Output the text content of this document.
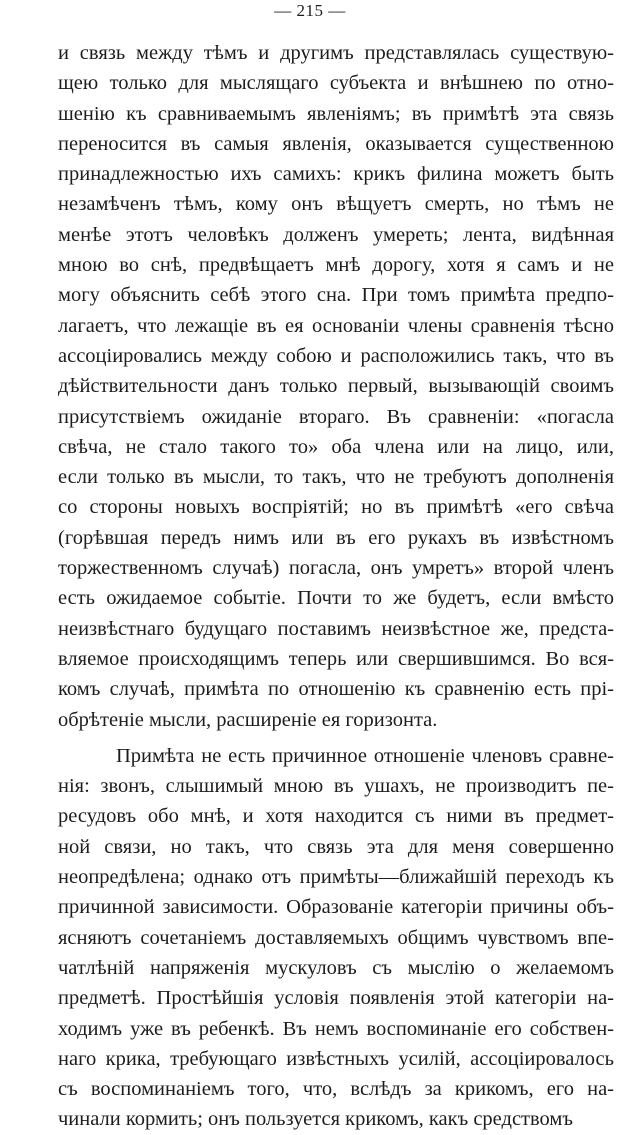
— 215 —
и связь между тѣмъ и другимъ представлялась существую-
щею только для мыслящаго субъекта и внѣшнею по отно-
шенію къ сравниваемымъ явленіямъ; въ примѣтѣ эта связь
переносится въ самыя явленія, оказывается существенною
принадлежностью ихъ самихъ: крикъ филина можетъ быть
незамѣченъ тѣмъ, кому онъ вѣщуетъ смерть, но тѣмъ не
менѣе этотъ человѣкъ долженъ умереть; лента, видѣнная
мною во снѣ, предвѣщаетъ мнѣ дорогу, хотя я самъ и не
могу объяснить себѣ этого сна. При томъ примѣта предпо-
лагаетъ, что лежащіе въ ея основаніи члены сравненія тѣсно
ассоціировались между собою и расположились такъ, что въ
дѣйствительности данъ только первый, вызывающій своимъ
присутствіемъ ожиданіе втораго. Въ сравненіи: «погасла
свѣча, не стало такого то» оба члена или на лицо, или,
если только въ мысли, то такъ, что не требуютъ дополненія
со стороны новыхъ воспріятій; но въ примѣтѣ «его свѣча
(горѣвшая передъ нимъ или въ его рукахъ въ извѣстномъ
торжественномъ случаѣ) погасла, онъ умретъ» второй членъ
есть ожидаемое событіе. Почти то же будетъ, если вмѣсто
неизвѣстнаго будущаго поставимъ неизвѣстное же, предста-
вляемое происходящимъ теперь или свершившимся. Во вся-
комъ случаѣ, примѣта по отношенію къ сравненію есть прі-
обрѣтеніе мысли, расширеніе ея горизонта.
Примѣта не есть причинное отношеніе членовъ сравне-
нія: звонъ, слышимый мною въ ушахъ, не производитъ пе-
ресудовъ обо мнѣ, и хотя находится съ ними въ предмет-
ной связи, но такъ, что связь эта для меня совершенно
неопредѣлена; однако отъ примѣты—ближайшій переходъ къ
причинной зависимости. Образованіе категоріи причины объ-
ясняютъ сочетаніемъ доставляемыхъ общимъ чувствомъ впе-
чатлѣній напряженія мускуловъ съ мыслію о желаемомъ
предметѣ. Простѣйшія условія появленія этой категоріи на-
ходимъ уже въ ребенкѣ. Въ немъ воспоминаніе его собствен-
наго крика, требующаго извѣстныхъ усилій, ассоціировалось
съ воспоминаніемъ того, что, вслѣдъ за крикомъ, его на-
чинали кормить; онъ пользуется крикомъ, какъ средствомъ
